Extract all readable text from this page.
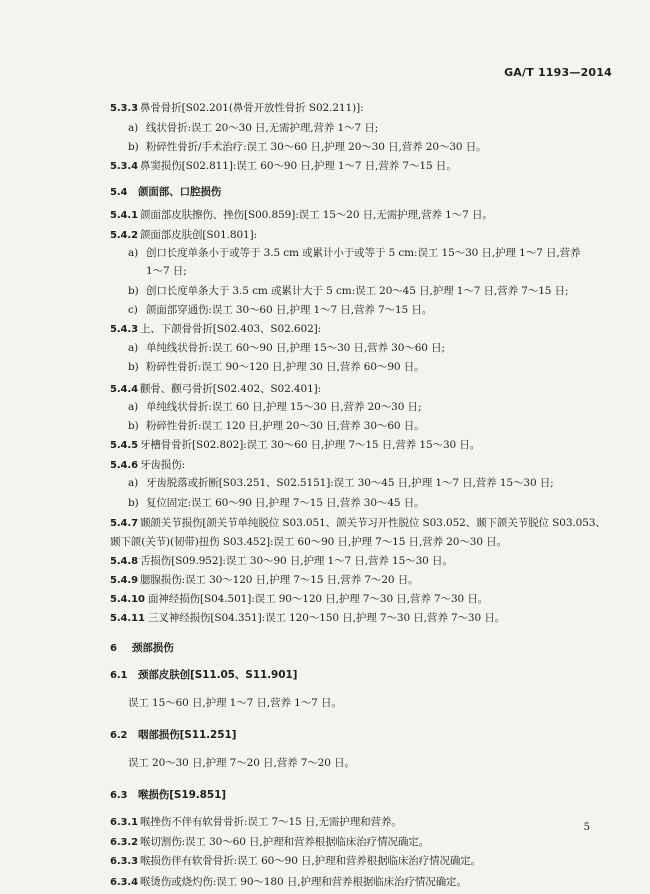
GA/T 1193—2014
5.3.3 鼻骨骨折[S02.201(鼻骨开放性骨折 S02.211)]:
a) 线状骨折:误工 20～30 日,无需护理,营养 1～7 日;
b) 粉碎性骨折/手术治疗:误工 30～60 日,护理 20～30 日,营养 20～30 日。
5.3.4 鼻窦损伤[S02.811]:误工 60～90 日,护理 1～7 日,营养 7～15 日。
5.4 颌面部、口腔损伤
5.4.1 颌面部皮肤擦伤、挫伤[S00.859]:误工 15～20 日,无需护理,营养 1～7 日。
5.4.2 颌面部皮肤创[S01.801]:
a) 创口长度单条小于或等于 3.5 cm 或累计小于或等于 5 cm:误工 15～30 日,护理 1～7 日,营养
1～7 日;
b) 创口长度单条大于 3.5 cm 或累计大于 5 cm:误工 20～45 日,护理 1～7 日,营养 7～15 日;
c) 颌面部穿通伤:误工 30～60 日,护理 1～7 日,营养 7～15 日。
5.4.3 上、下颌骨骨折[S02.403、S02.602]:
a) 单纯线状骨折:误工 60～90 日,护理 15～30 日,营养 30～60 日;
b) 粉碎性骨折:误工 90～120 日,护理 30 日,营养 60～90 日。
5.4.4 颧骨、颧弓骨折[S02.402、S02.401]:
a) 单纯线状骨折:误工 60 日,护理 15～30 日,营养 20～30 日;
b) 粉碎性骨折:误工 120 日,护理 20～30 日,营养 30～60 日。
5.4.5 牙槽骨骨折[S02.802]:误工 30～60 日,护理 7～15 日,营养 15～30 日。
5.4.6 牙齿损伤:
a) 牙齿脱落或折断[S03.251、S02.5151]:误工 30～45 日,护理 1～7 日,营养 15～30 日;
b) 复位固定:误工 60～90 日,护理 7～15 日,营养 30～45 日。
5.4.7 颞颌关节损伤[颌关节单纯脱位 S03.051、颌关节习开性脱位 S03.052、颞下颌关节脱位 S03.053、
颞下颌(关节)(韧带)扭伤 S03.452]:误工 60～90 日,护理 7～15 日,营养 20～30 日。
5.4.8 舌损伤[S09.952]:误工 30～90 日,护理 1～7 日,营养 15～30 日。
5.4.9 腮腺损伤:误工 30～120 日,护理 7～15 日,营养 7～20 日。
5.4.10 面神经损伤[S04.501]:误工 90～120 日,护理 7～30 日,营养 7～30 日。
5.4.11 三叉神经损伤[S04.351]:误工 120～150 日,护理 7～30 日,营养 7～30 日。
6 颈部损伤
6.1 颈部皮肤创[S11.05、S11.901]
误工 15～60 日,护理 1～7 日,营养 1～7 日。
6.2 咽部损伤[S11.251]
误工 20～30 日,护理 7～20 日,营养 7～20 日。
6.3 喉损伤[S19.851]
6.3.1 喉挫伤不伴有软骨骨折:误工 7～15 日,无需护理和营养。
6.3.2 喉切割伤:误工 30～60 日,护理和营养根据临床治疗情况确定。
6.3.3 喉损伤伴有软骨骨折:误工 60～90 日,护理和营养根据临床治疗情况确定。
6.3.4 喉烫伤或烧灼伤:误工 90～180 日,护理和营养根据临床治疗情况确定。
5
